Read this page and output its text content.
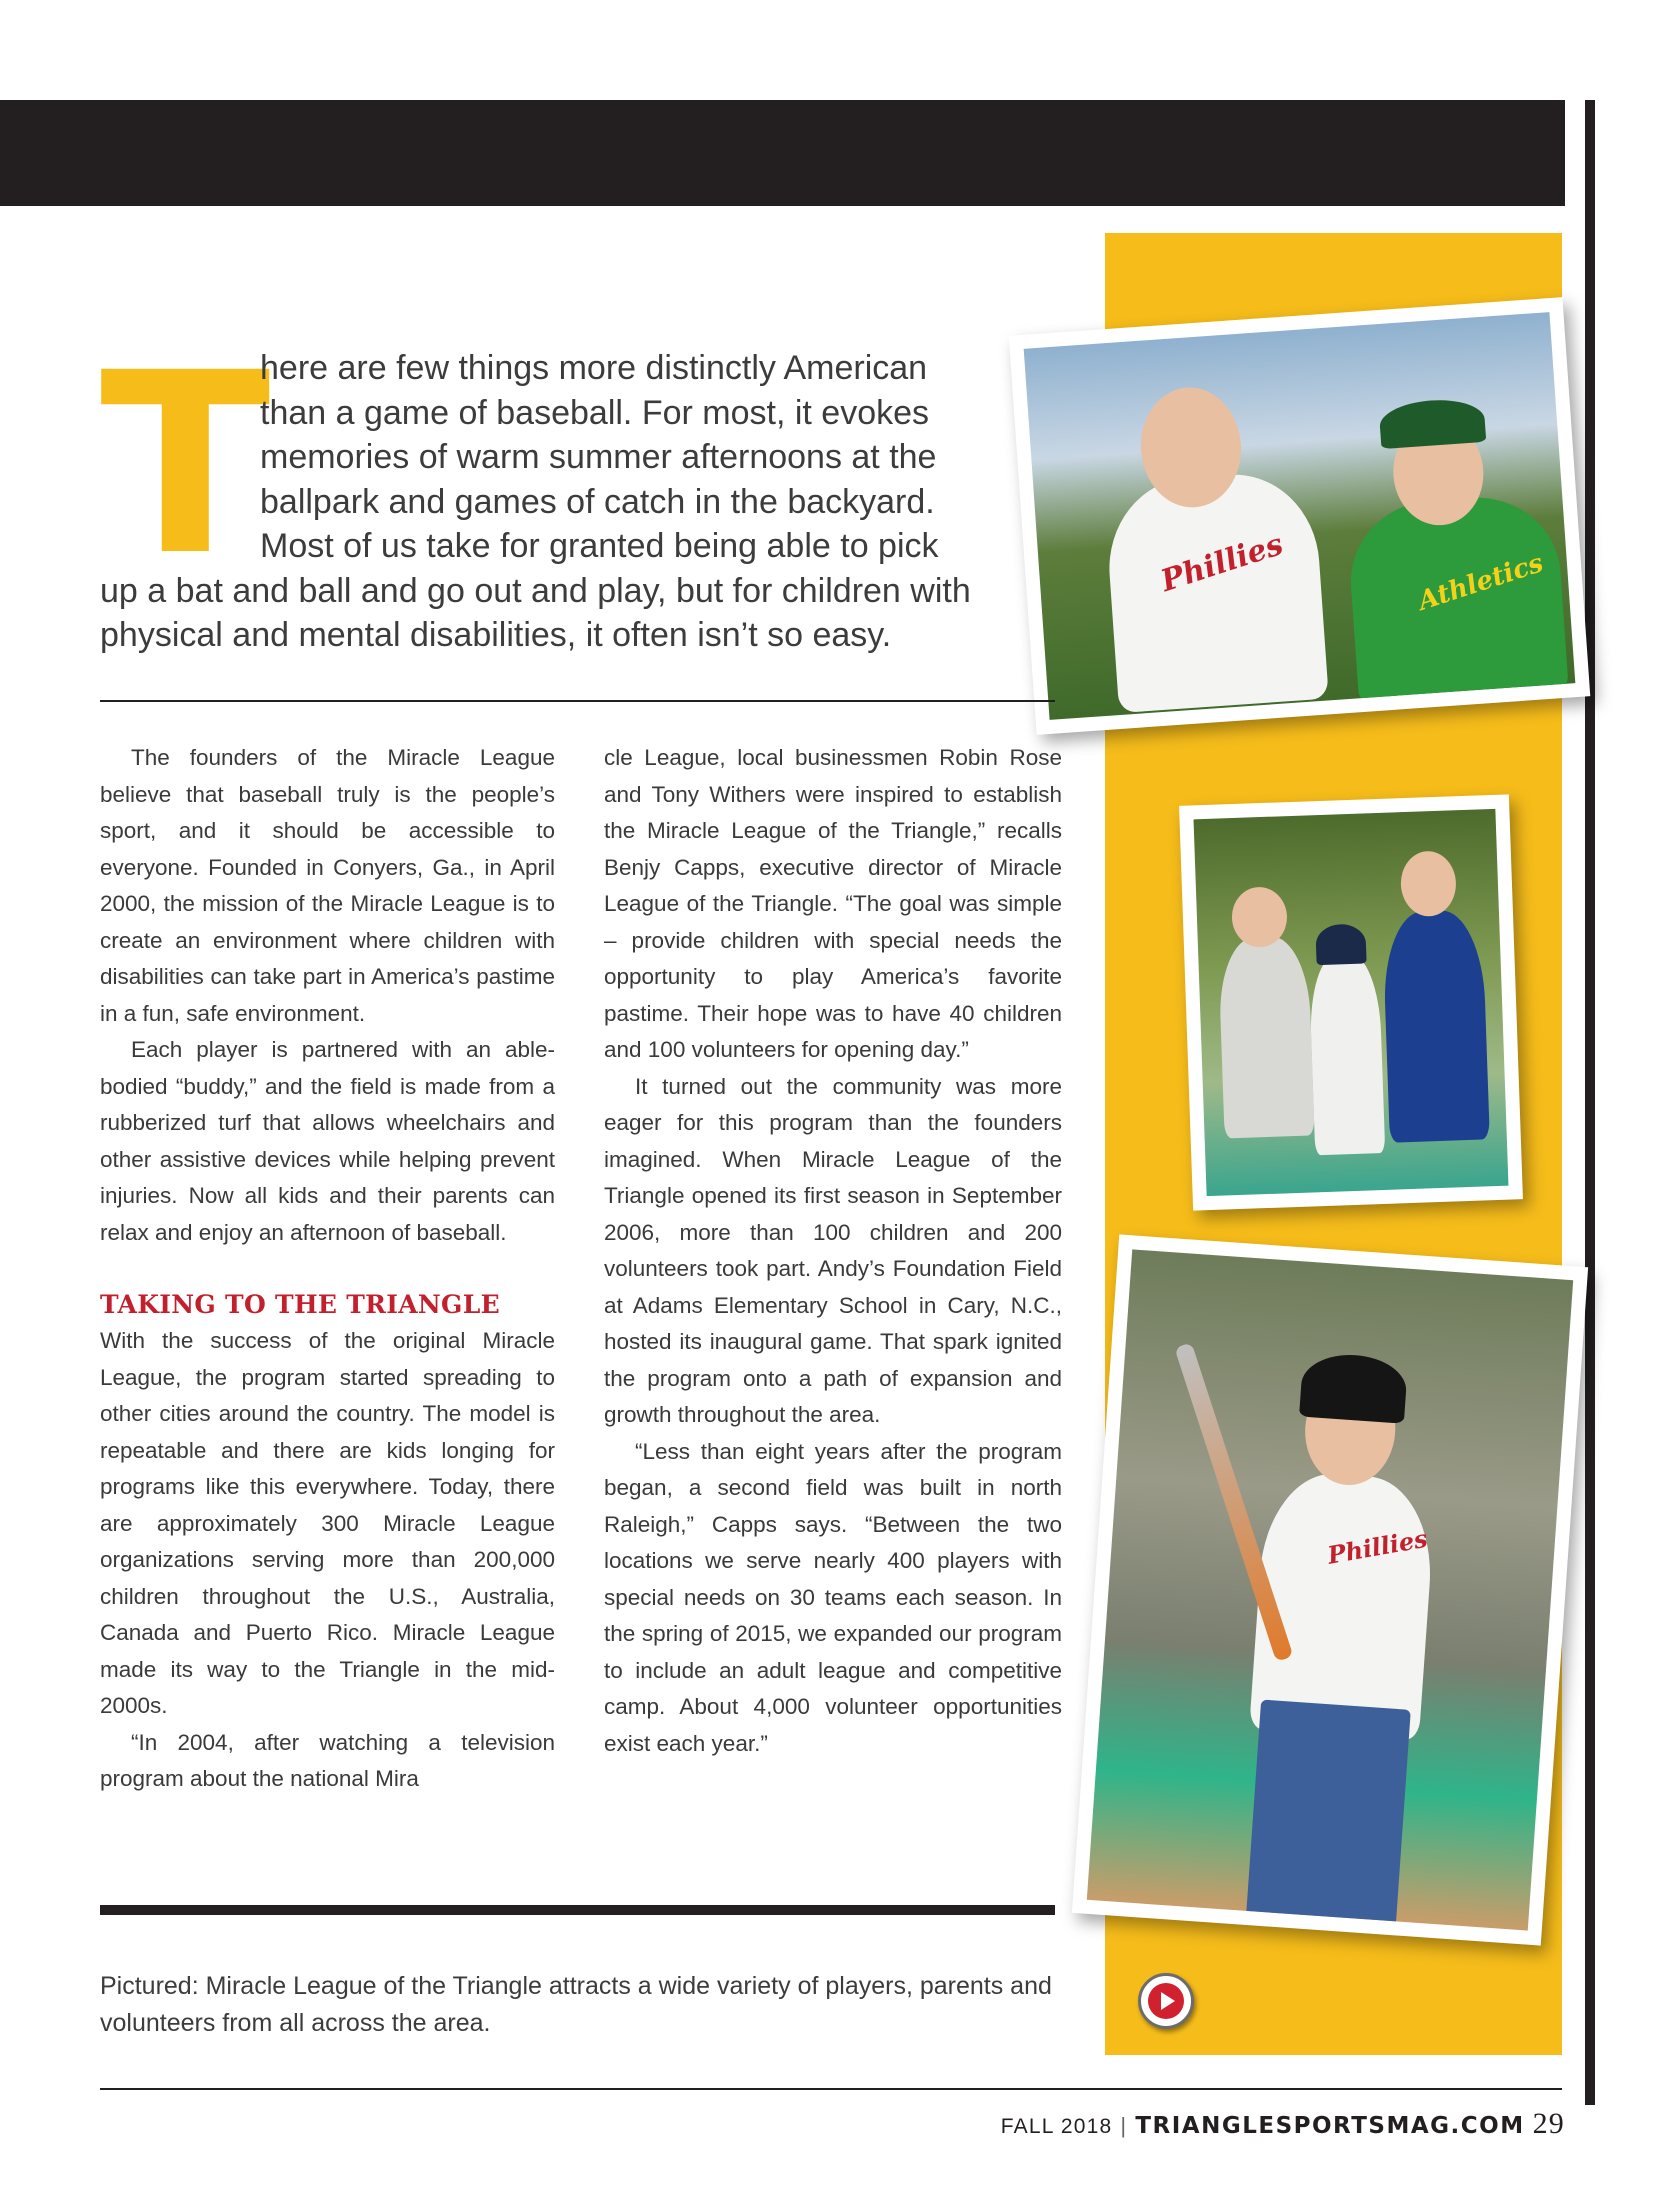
Phillies	Athletics
Phillies
T
here are few things more distinctly American
than a game of baseball. For most, it evokes
memories of warm summer afternoons at the
ballpark and games of catch in the backyard.
Most of us take for granted being able to pick
up a bat and ball and go out and play, but for children with
physical and mental disabilities, it often isn’t so easy.

The founders of the Miracle League believe that baseball truly is the people’s sport, and it should be accessible to everyone. Founded in Conyers, Ga., in April 2000, the mission of the Miracle League is to create an environment where children with disabilities can take part in America’s pastime in a fun, safe environment.

Each player is partnered with an able-bodied “buddy,” and the field is made from a rubberized turf that allows wheelchairs and other assistive devices while helping prevent injuries. Now all kids and their parents can relax and enjoy an afternoon of baseball.

TAKING TO THE TRIANGLE

With the success of the original Miracle League, the program started spreading to other cities around the country. The model is repeatable and there are kids longing for programs like this everywhere. Today, there are approximately 300 Miracle League organizations serving more than 200,000 children throughout the U.S., Australia, Canada and Puerto Rico. Miracle League made its way to the Triangle in the mid-2000s.

“In 2004, after watching a television program about the national Mira

cle League, local businessmen Robin Rose and Tony Withers were inspired to establish the Miracle League of the Triangle,” recalls Benjy Capps, executive director of Miracle League of the Triangle. “The goal was simple – provide children with special needs the opportunity to play America’s favorite pastime. Their hope was to have 40 children and 100 volunteers for opening day.”

It turned out the community was more eager for this program than the founders imagined. When Miracle League of the Triangle opened its first season in September 2006, more than 100 children and 200 volunteers took part. Andy’s Foundation Field at Adams Elementary School in Cary, N.C., hosted its inaugural game. That spark ignited the program onto a path of expansion and growth throughout the area.

“Less than eight years after the program began, a second field was built in north Raleigh,” Capps says. “Between the two locations we serve nearly 400 players with special needs on 30 teams each season. In the spring of 2015, we expanded our program to include an adult league and competitive camp. About 4,000 volunteer opportunities exist each year.”

Pictured: Miracle League of the Triangle attracts a wide variety of players, parents and volunteers from all across the area.
FALL 2018 | TRIANGLESPORTSMAG.COM 29
